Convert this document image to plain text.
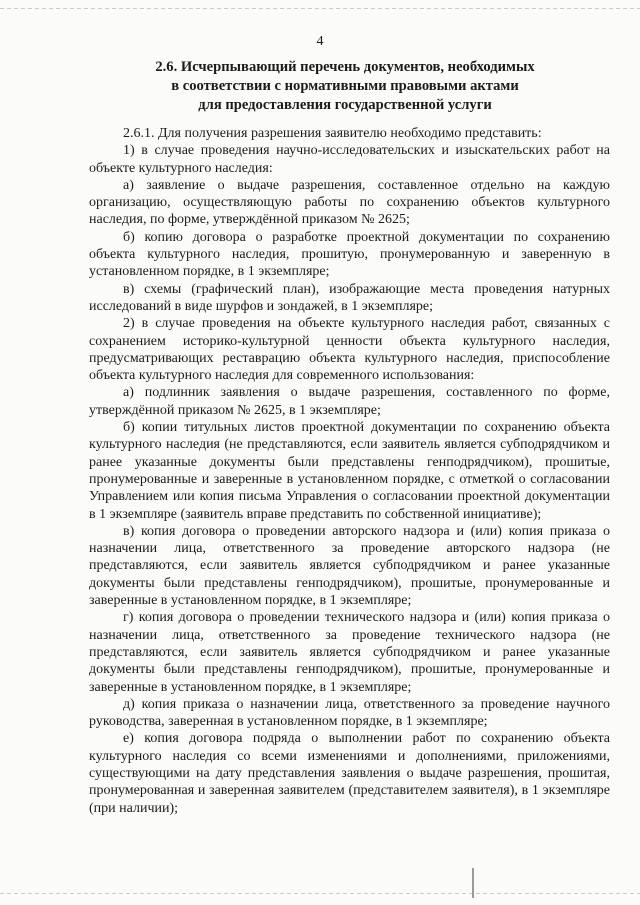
4
2.6. Исчерпывающий перечень документов, необходимых
в соответствии с нормативными правовыми актами
для предоставления государственной услуги
2.6.1. Для получения разрешения заявителю необходимо представить:
1) в случае проведения научно-исследовательских и изыскательских работ на объекте культурного наследия:
а) заявление о выдаче разрешения, составленное отдельно на каждую организацию, осуществляющую работы по сохранению объектов культурного наследия, по форме, утверждённой приказом № 2625;
б) копию договора о разработке проектной документации по сохранению объекта культурного наследия, прошитую, пронумерованную и заверенную в установленном порядке, в 1 экземпляре;
в) схемы (графический план), изображающие места проведения натурных исследований в виде шурфов и зондажей, в 1 экземпляре;
2) в случае проведения на объекте культурного наследия работ, связанных с сохранением историко-культурной ценности объекта культурного наследия, предусматривающих реставрацию объекта культурного наследия, приспособление объекта культурного наследия для современного использования:
а) подлинник заявления о выдаче разрешения, составленного по форме, утверждённой приказом № 2625, в 1 экземпляре;
б) копии титульных листов проектной документации по сохранению объекта культурного наследия (не представляются, если заявитель является субподрядчиком и ранее указанные документы были представлены генподрядчиком), прошитые, пронумерованные и заверенные в установленном порядке, с отметкой о согласовании Управлением или копия письма Управления о согласовании проектной документации в 1 экземпляре (заявитель вправе представить по собственной инициативе);
в) копия договора о проведении авторского надзора и (или) копия приказа о назначении лица, ответственного за проведение авторского надзора (не представляются, если заявитель является субподрядчиком и ранее указанные документы были представлены генподрядчиком), прошитые, пронумерованные и заверенные в установленном порядке, в 1 экземпляре;
г) копия договора о проведении технического надзора и (или) копия приказа о назначении лица, ответственного за проведение технического надзора (не представляются, если заявитель является субподрядчиком и ранее указанные документы были представлены генподрядчиком), прошитые, пронумерованные и заверенные в установленном порядке, в 1 экземпляре;
д) копия приказа о назначении лица, ответственного за проведение научного руководства, заверенная в установленном порядке, в 1 экземпляре;
е) копия договора подряда о выполнении работ по сохранению объекта культурного наследия со всеми изменениями и дополнениями, приложениями, существующими на дату представления заявления о выдаче разрешения, прошитая, пронумерованная и заверенная заявителем (представителем заявителя), в 1 экземпляре (при наличии);
